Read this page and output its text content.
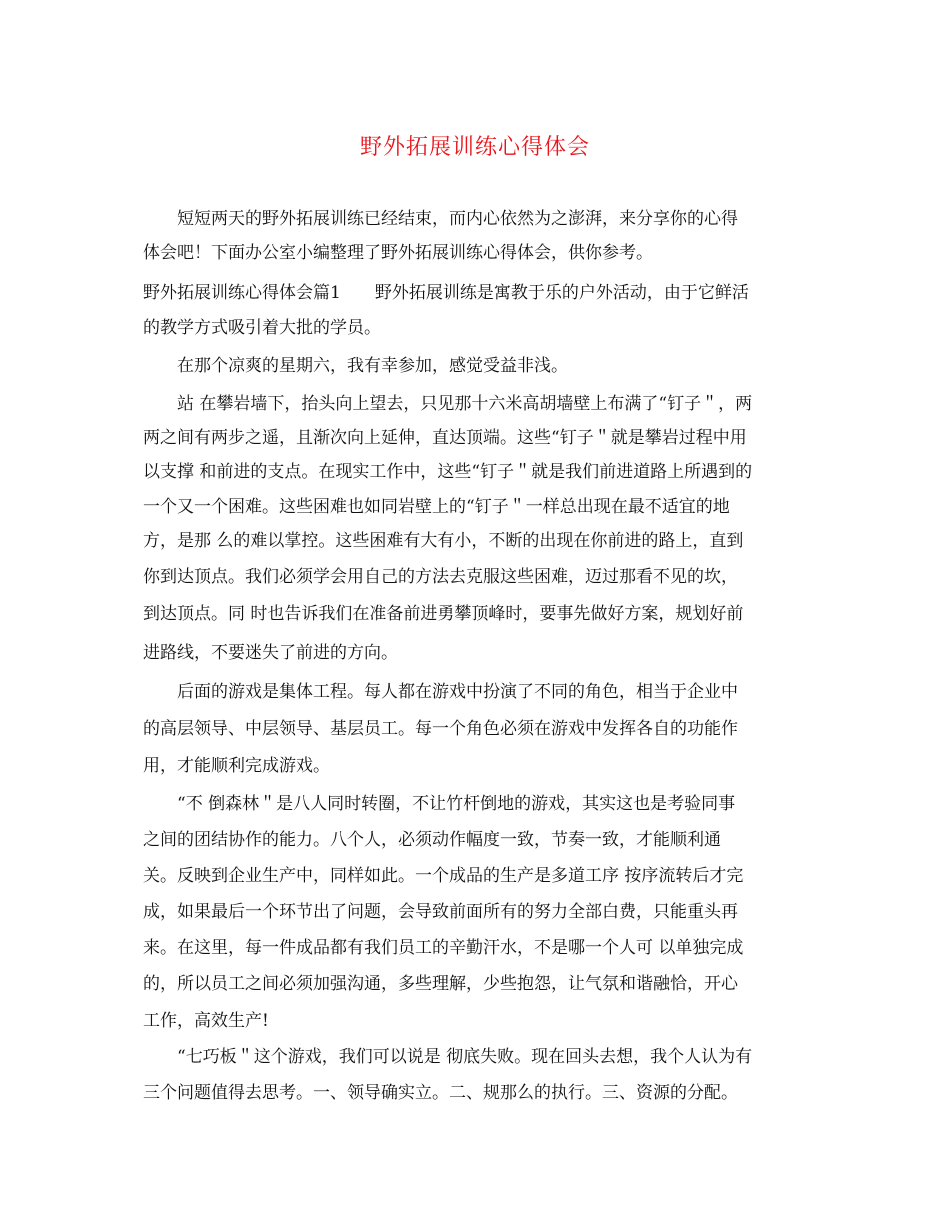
野外拓展训练心得体会
短短两天的野外拓展训练已经结束，而内心依然为之澎湃，来分享你的心得
体会吧！下面办公室小编整理了野外拓展训练心得体会，供你参考。
野外拓展训练心得体会篇1　　野外拓展训练是寓教于乐的户外活动，由于它鲜活
的教学方式吸引着大批的学员。
在那个凉爽的星期六，我有幸参加，感觉受益非浅。
站 在攀岩墙下，抬头向上望去，只见那十六米高胡墙壁上布满了“钉子＂，两
两之间有两步之遥，且渐次向上延伸，直达顶端。这些“钉子＂就是攀岩过程中用
以支撑 和前进的支点。在现实工作中，这些“钉子＂就是我们前进道路上所遇到的
一个又一个困难。这些困难也如同岩壁上的“钉子＂一样总出现在最不适宜的地
方，是那 么的难以掌控。这些困难有大有小，不断的出现在你前进的路上，直到
你到达顶点。我们必须学会用自己的方法去克服这些困难，迈过那看不见的坎，
到达顶点。同 时也告诉我们在准备前进勇攀顶峰时，要事先做好方案，规划好前
进路线，不要迷失了前进的方向。
后面的游戏是集体工程。每人都在游戏中扮演了不同的角色，相当于企业中
的高层领导、中层领导、基层员工。每一个角色必须在游戏中发挥各自的功能作
用，才能顺利完成游戏。
“不 倒森林＂是八人同时转圈，不让竹杆倒地的游戏，其实这也是考验同事
之间的团结协作的能力。八个人，必须动作幅度一致，节奏一致，才能顺利通
关。反映到企业生产中，同样如此。一个成品的生产是多道工序 按序流转后才完
成，如果最后一个环节出了问题，会导致前面所有的努力全部白费，只能重头再
来。在这里，每一件成品都有我们员工的辛勤汗水，不是哪一个人可 以单独完成
的，所以员工之间必须加强沟通，多些理解，少些抱怨，让气氛和谐融恰，开心
工作，高效生产!
“七巧板＂这个游戏，我们可以说是 彻底失败。现在回头去想，我个人认为有
三个问题值得去思考。一、领导确实立。二、规那么的执行。三、资源的分配。
